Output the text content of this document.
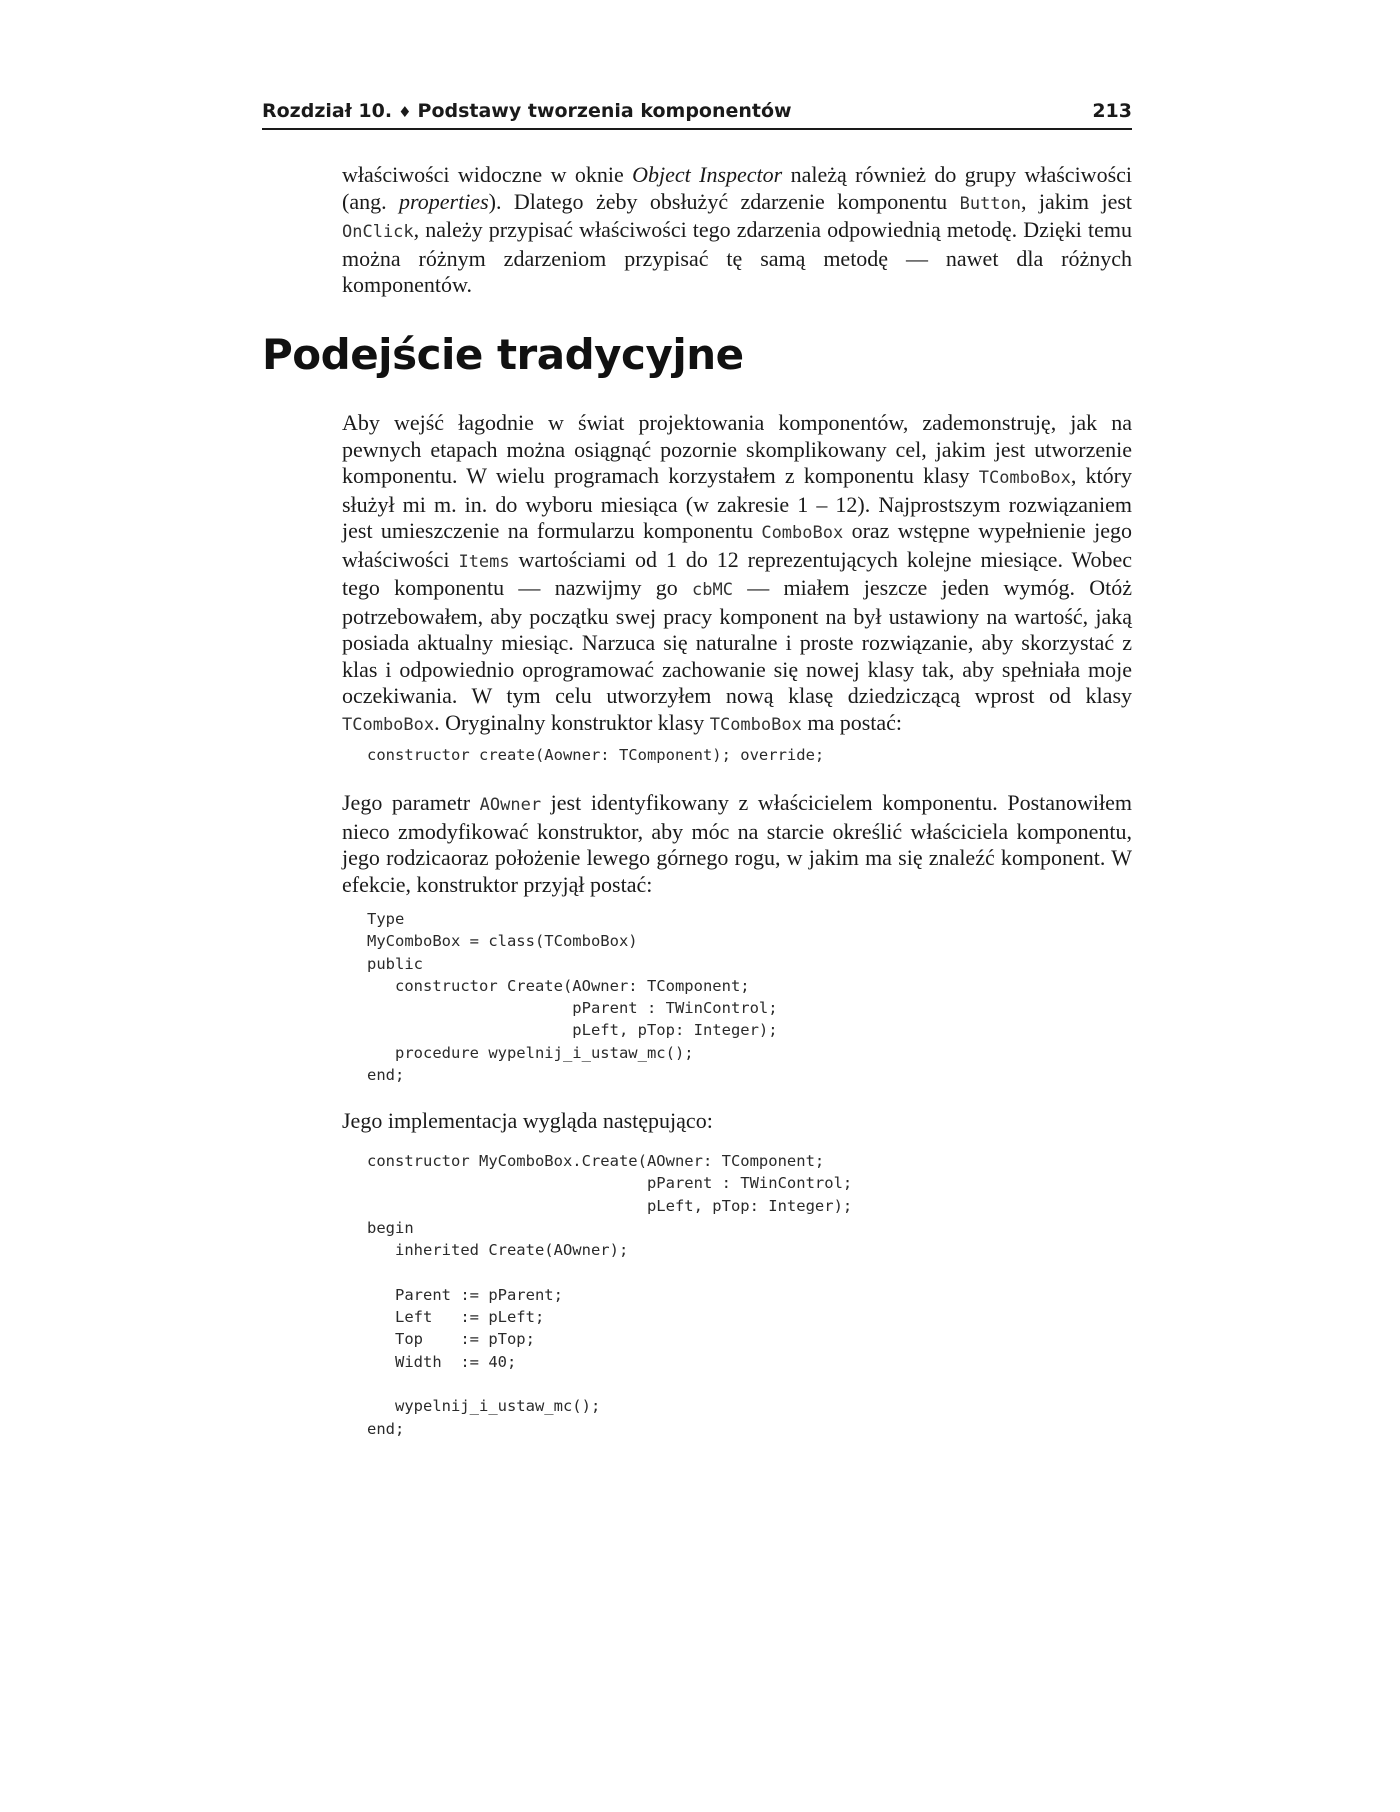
Rozdział 10. ♦ Podstawy tworzenia komponentów	213

właściwości widoczne w oknie Object Inspector należą również do grupy właściwości (ang. properties). Dlatego żeby obsłużyć zdarzenie komponentu Button, jakim jest OnClick, należy przypisać właściwości tego zdarzenia odpowiednią metodę. Dzięki temu można różnym zdarzeniom przypisać tę samą metodę — nawet dla różnych komponentów.

Podejście tradycyjne

Aby wejść łagodnie w świat projektowania komponentów, zademonstruję, jak na pewnych etapach można osiągnąć pozornie skomplikowany cel, jakim jest utworzenie komponentu. W wielu programach korzystałem z komponentu klasy TComboBox, który służył mi m. in. do wyboru miesiąca (w zakresie 1 – 12). Najprostszym rozwiązaniem jest umieszczenie na formularzu komponentu ComboBox oraz wstępne wypełnienie jego właściwości Items wartościami od 1 do 12 reprezentujących kolejne miesiące. Wobec tego komponentu — nazwijmy go cbMC — miałem jeszcze jeden wymóg. Otóż potrzebowałem, aby początku swej pracy komponent na był ustawiony na wartość, jaką posiada aktualny miesiąc. Narzuca się naturalne i proste rozwiązanie, aby skorzystać z klas i odpowiednio oprogramować zachowanie się nowej klasy tak, aby spełniała moje oczekiwania. W tym celu utworzyłem nową klasę dziedziczącą wprost od klasy TComboBox. Oryginalny konstruktor klasy TComboBox ma postać:

constructor create(Aowner: TComponent); override;

Jego parametr AOwner jest identyfikowany z właścicielem komponentu. Postanowiłem nieco zmodyfikować konstruktor, aby móc na starcie określić właściciela komponentu, jego rodzicaoraz położenie lewego górnego rogu, w jakim ma się znaleźć komponent. W efekcie, konstruktor przyjął postać:

Type
MyComboBox = class(TComboBox)
public
constructor Create(AOwner: TComponent;
pParent : TWinControl;
pLeft, pTop: Integer);
procedure wypelnij_i_ustaw_mc();
end;

Jego implementacja wygląda następująco:

constructor MyComboBox.Create(AOwner: TComponent;
pParent : TWinControl;
pLeft, pTop: Integer);
begin
inherited Create(AOwner);

Parent := pParent;
Left   := pLeft;
Top    := pTop;
Width  := 40;

wypelnij_i_ustaw_mc();
end;
